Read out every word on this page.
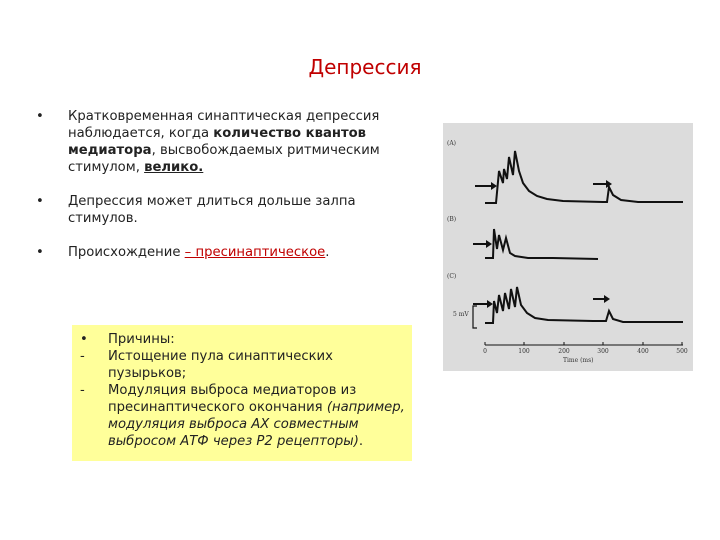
Депрессия
• Кратковременная синаптическая депрессия наблюдается, когда количество квантов медиатора, высвобождаемых ритмическим стимулом, велико.
• Депрессия может длиться дольше залпа стимулов.
• Происхождение – пресинаптическое.
• Причины:
- Истощение пула синаптических пузырьков;
- Модуляция выброса медиаторов из пресинаптического окончания (например, модуляция выброса АХ совместным выбросом АТФ через P2 рецепторы).
(A)
(B)
(C)
5 mV
Time (ms)
0	100	200	300	400	500
